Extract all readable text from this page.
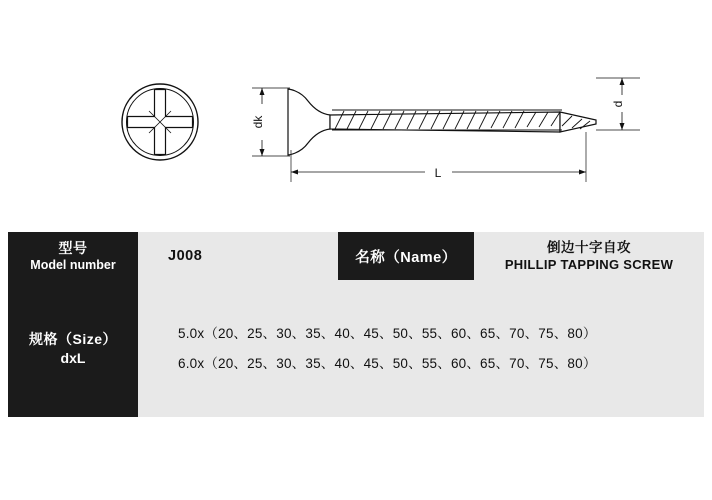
dk
d
L
型号
Model number
J008	名称（Name）
倒边十字自攻
PHILLIP TAPPING SCREW
规格（Size）
dxL
5.0x（20、25、30、35、40、45、50、55、60、65、70、75、80）
6.0x（20、25、30、35、40、45、50、55、60、65、70、75、80）
